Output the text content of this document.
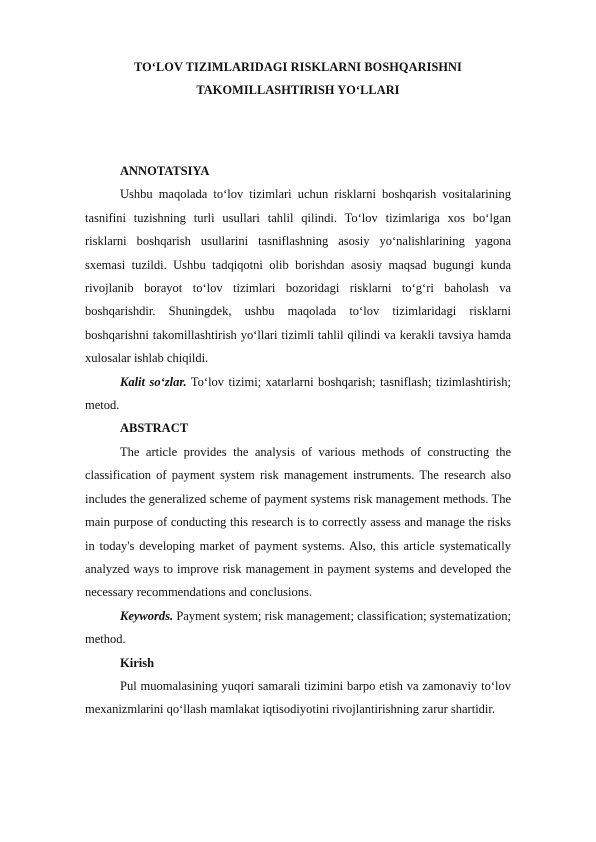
TO‘LOV TIZIMLARIDAGI RISKLARNI BOSHQARISHNI
TAKOMILLASHTIRISH YO‘LLARI

ANNOTATSIYA

Ushbu maqolada to‘lov tizimlari uchun risklarni boshqarish vositalarining tasnifini tuzishning turli usullari tahlil qilindi. To‘lov tizimlariga xos bo‘lgan risklarni boshqarish usullarini tasniflashning asosiy yo‘nalishlarining yagona sxemasi tuzildi. Ushbu tadqiqotni olib borishdan asosiy maqsad bugungi kunda rivojlanib borayot to‘lov tizimlari bozoridagi risklarni to‘g‘ri baholash va boshqarishdir. Shuningdek, ushbu maqolada to‘lov tizimlaridagi risklarni boshqarishni takomillashtirish yo‘llari tizimli tahlil qilindi va kerakli tavsiya hamda xulosalar ishlab chiqildi.

Kalit so‘zlar. To‘lov tizimi; xatarlarni boshqarish; tasniflash; tizimlashtirish; metod.

ABSTRACT

The article provides the analysis of various methods of constructing the classification of payment system risk management instruments. The research also includes the generalized scheme of payment systems risk management methods. The main purpose of conducting this research is to correctly assess and manage the risks in today's developing market of payment systems. Also, this article systematically analyzed ways to improve risk management in payment systems and developed the necessary recommendations and conclusions.

Keywords. Payment system; risk management; classification; systematization; method.

Kirish

Pul muomalasining yuqori samarali tizimini barpo etish va zamonaviy to‘lov mexanizmlarini qo‘llash mamlakat iqtisodiyotini rivojlantirishning zarur shartidir.
